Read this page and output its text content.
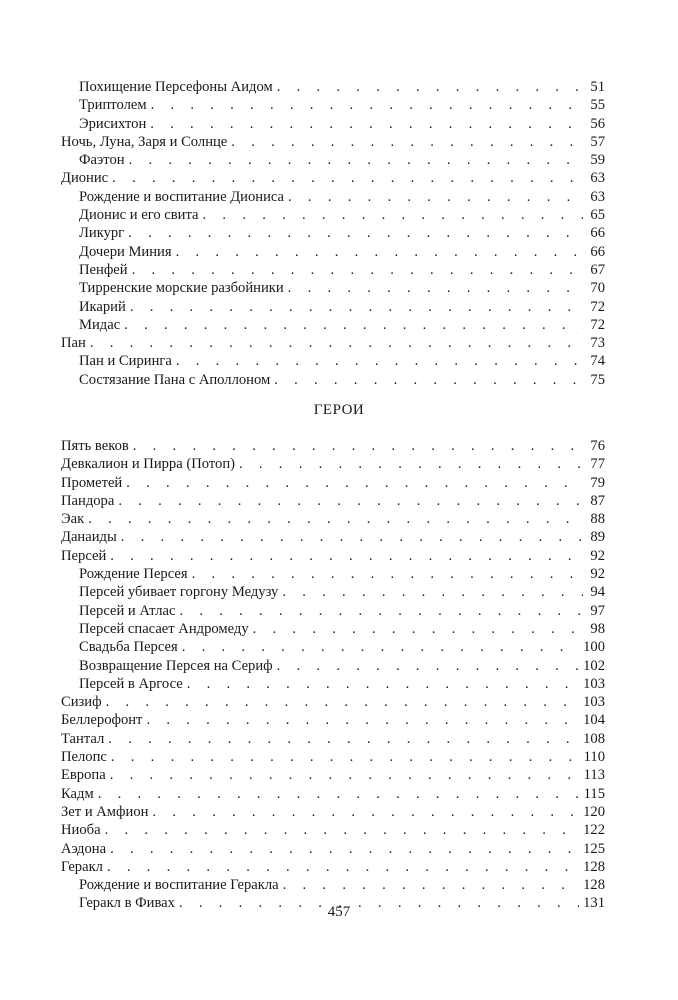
Похищение Персефоны Аидом . . .	51
Триптолем . . .	55
Эрисихтон . . .	56
Ночь, Луна, Заря и Солнце . . .	57
Фаэтон . . .	59
Дионис . . .	63
Рождение и воспитание Диониса . . .	63
Дионис и его свита . . .	65
Ликург . . .	66
Дочери Миния . . .	66
Пенфей . . .	67
Тирренские морские разбойники . . .	70
Икарий . . .	72
Мидас . . .	72
Пан . . .	73
Пан и Сиринга . . .	74
Состязание Пана с Аполлоном . . .	75
ГЕРОИ
Пять веков . . .	76
Девкалион и Пирра (Потоп) . . .	77
Прометей . . .	79
Пандора . . .	87
Эак . . .	88
Данаиды . . .	89
Персей . . .	92
Рождение Персея . . .	92
Персей убивает горгону Медузу . . .	94
Персей и Атлас . . .	97
Персей спасает Андромеду . . .	98
Свадьба Персея . . .	100
Возвращение Персея на Сериф . . .	102
Персей в Аргосе . . .	103
Сизиф . . .	103
Беллерофонт . . .	104
Тантал . . .	108
Пелопс . . .	110
Европа . . .	113
Кадм . . .	115
Зет и Амфион . . .	120
Ниоба . . .	122
Аэдона . . .	125
Геракл . . .	128
Рождение и воспитание Геракла . . .	128
Геракл в Фивах . . .	131
457
